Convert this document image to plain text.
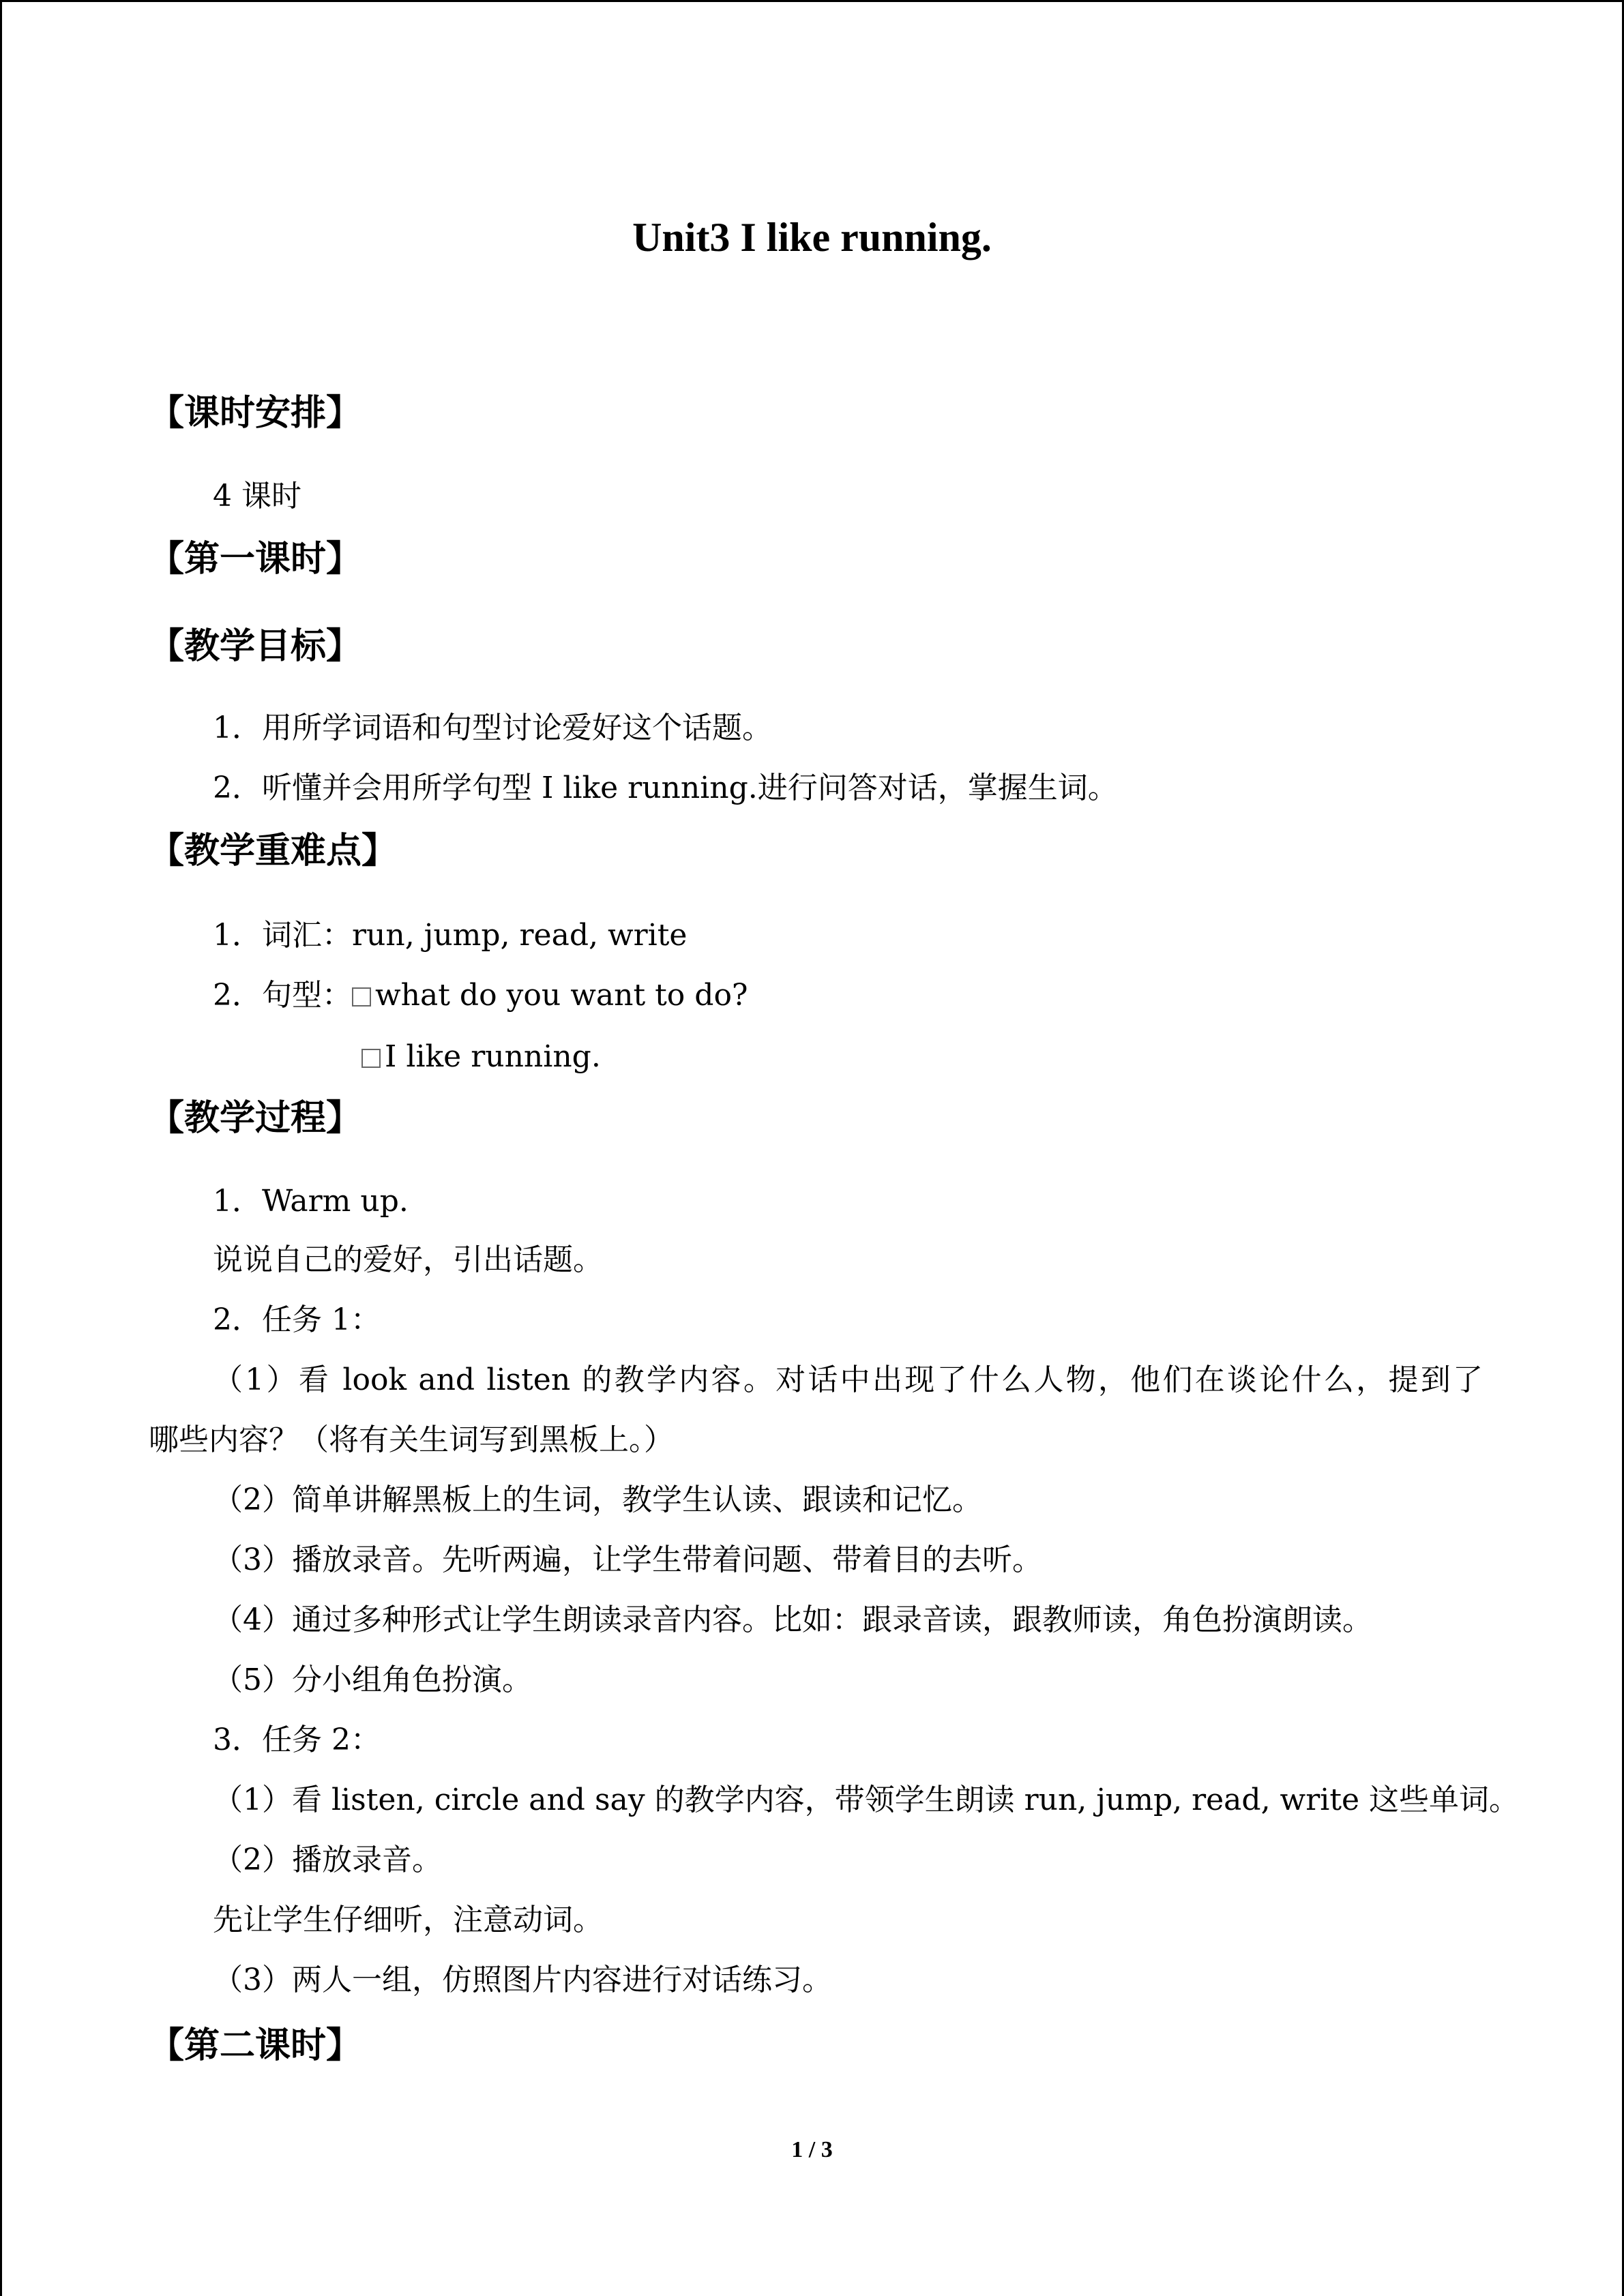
Unit3 I like running.
【课时安排】
4 课时
【第一课时】
【教学目标】
1．用所学词语和句型讨论爱好这个话题。
2．听懂并会用所学句型 I like running.进行问答对话，掌握生词。
【教学重难点】
1．词汇：run, jump, read, write
2．句型： what do you want to do?
I like running.
【教学过程】
1．Warm up.
说说自己的爱好，引出话题。
2．任务 1：
（1）看 look and listen 的教学内容。对话中出现了什么人物，他们在谈论什么，提到了
哪些内容？（将有关生词写到黑板上。）
（2）简单讲解黑板上的生词，教学生认读、跟读和记忆。
（3）播放录音。先听两遍，让学生带着问题、带着目的去听。
（4）通过多种形式让学生朗读录音内容。比如：跟录音读，跟教师读，角色扮演朗读。
（5）分小组角色扮演。
3．任务 2：
（1）看 listen, circle and say 的教学内容，带领学生朗读 run, jump, read, write 这些单词。
（2）播放录音。
先让学生仔细听，注意动词。
（3）两人一组，仿照图片内容进行对话练习。
【第二课时】
1 / 3
